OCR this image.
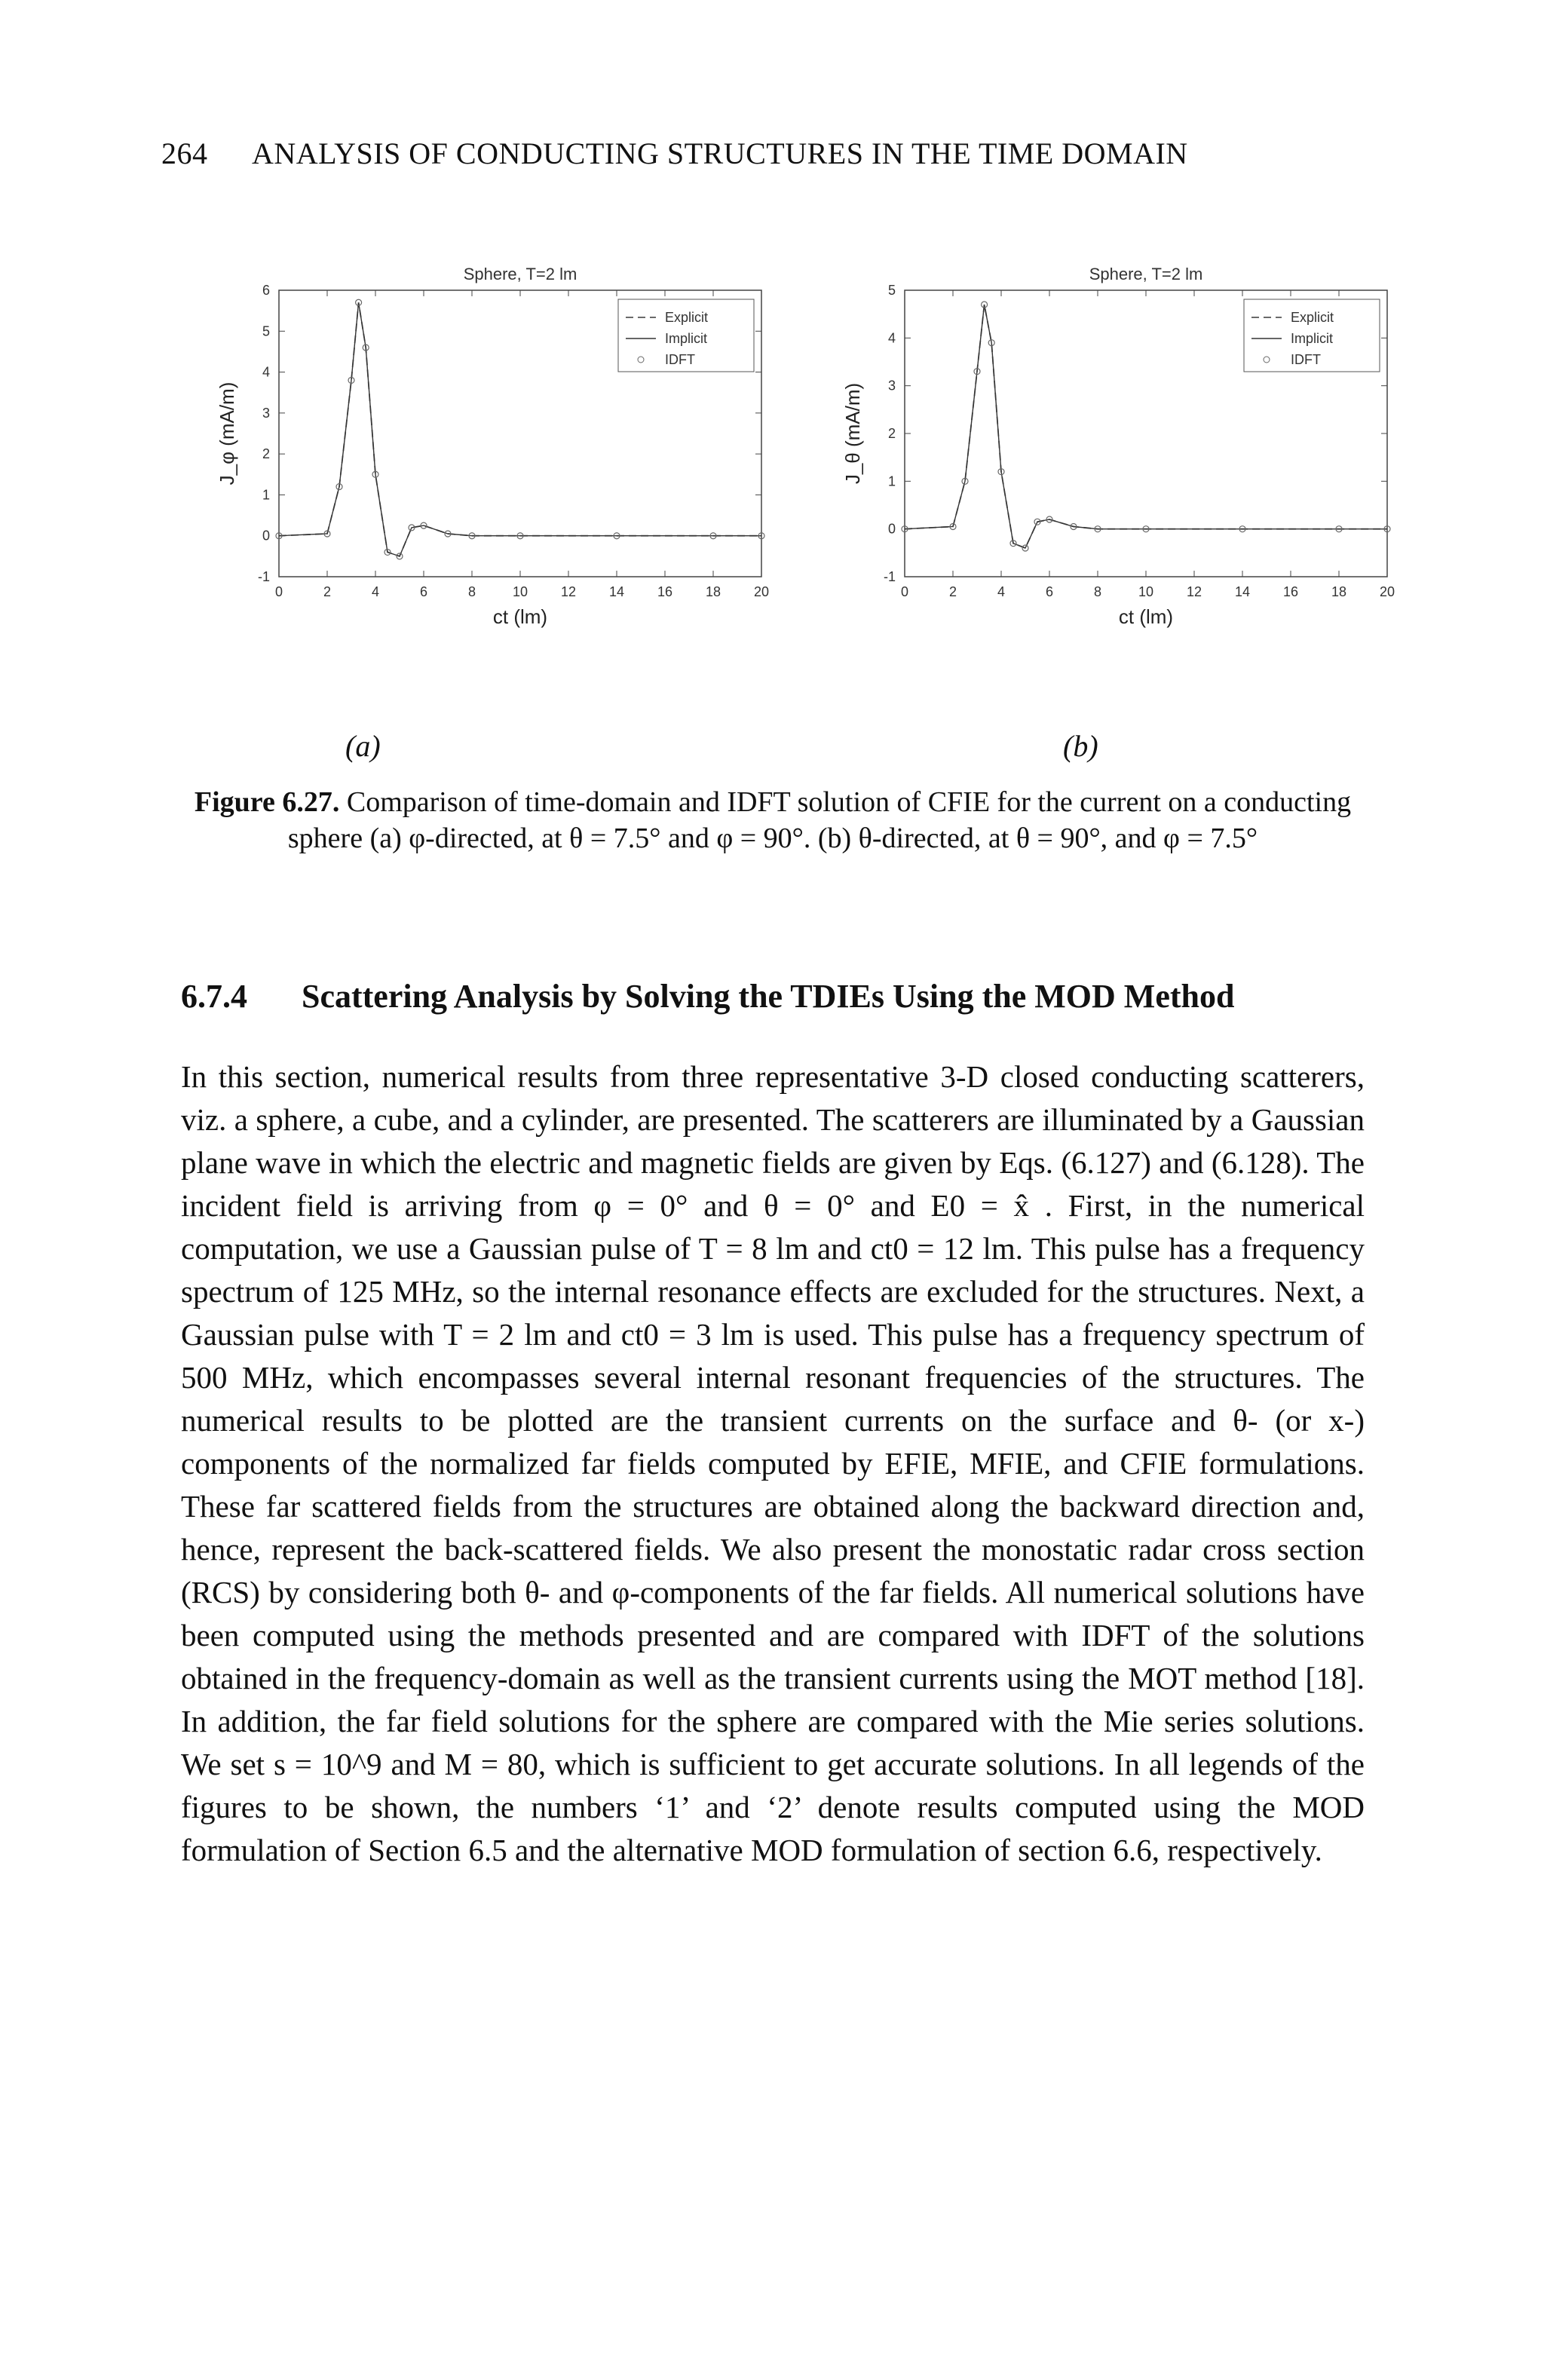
264 ANALYSIS OF CONDUCTING STRUCTURES IN THE TIME DOMAIN
Sphere, T=2 lm
0	2	4	6	8	10 12 14 16 18 20
-1
0
1
2
3
4
5
6
ct (lm)
J_φ (mA/m)
Explicit
Implicit
IDFT
Sphere, T=2 lm
0	2	4	6	8	10 12 14 16 18 20
-1
0
1
2
3
4
5
ct (lm)
J_θ (mA/m)
Explicit
Implicit
IDFT
(a)	(b)
Figure 6.27. Comparison of time-domain and IDFT solution of CFIE for the current on a conducting sphere (a) φ-directed, at θ = 7.5° and φ = 90°. (b) θ-directed, at θ = 90°, and φ = 7.5°
6.7.4 Scattering Analysis by Solving the TDIEs Using the MOD Method

In this section, numerical results from three representative 3-D closed conducting scatterers, viz. a sphere, a cube, and a cylinder, are presented. The scatterers are illuminated by a Gaussian plane wave in which the electric and magnetic fields are given by Eqs. (6.127) and (6.128). The incident field is arriving from φ = 0° and θ = 0° and E0 = x̂ . First, in the numerical computation, we use a Gaussian pulse of T = 8 lm and ct0 = 12 lm. This pulse has a frequency spectrum of 125 MHz, so the internal resonance effects are excluded for the structures. Next, a Gaussian pulse with T = 2 lm and ct0 = 3 lm is used. This pulse has a frequency spectrum of 500 MHz, which encompasses several internal resonant frequencies of the structures. The numerical results to be plotted are the transient currents on the surface and θ- (or x-) components of the normalized far fields computed by EFIE, MFIE, and CFIE formulations. These far scattered fields from the structures are obtained along the backward direction and, hence, represent the back-scattered fields. We also present the monostatic radar cross section (RCS) by considering both θ- and φ-components of the far fields. All numerical solutions have been computed using the methods presented and are compared with IDFT of the solutions obtained in the frequency-domain as well as the transient currents using the MOT method [18]. In addition, the far field solutions for the sphere are compared with the Mie series solutions. We set s = 10^9 and M = 80, which is sufficient to get accurate solutions. In all legends of the figures to be shown, the numbers ‘1’ and ‘2’ denote results computed using the MOD formulation of Section 6.5 and the alternative MOD formulation of section 6.6, respectively.
